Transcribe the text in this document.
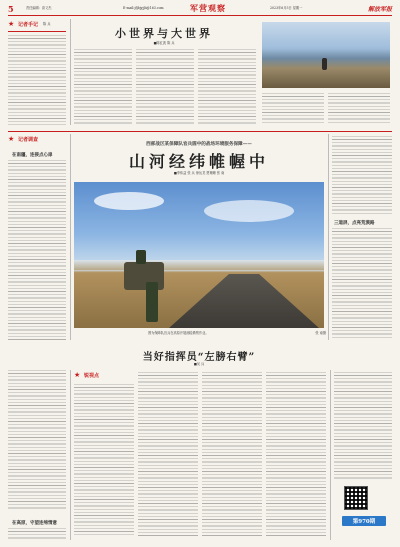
5	责任编辑：高义杰	E-mail:jfjbjyjjb@163.com	军营观察	2023年6月5日 星期一	解放军报
★ 记者手记 陈 兵
小世界与大世界
■陈红波 陈 兵
★ 记者调查
在南疆，连接点心扉
西部战区某保障队官兵圆中的战场环境服务保障——
山河经纬帷幄中
■李伟益 张 兵 徐运龙 贾珊珊 张 南
图为保障队官兵在高原开展测绘勘察作业。	张 南摄
三道屏，点亮荒漠路
当好指挥员“左膀右臂”
■吴 兵
在高原，守望连绵情意
★ 锐视点
第970期
